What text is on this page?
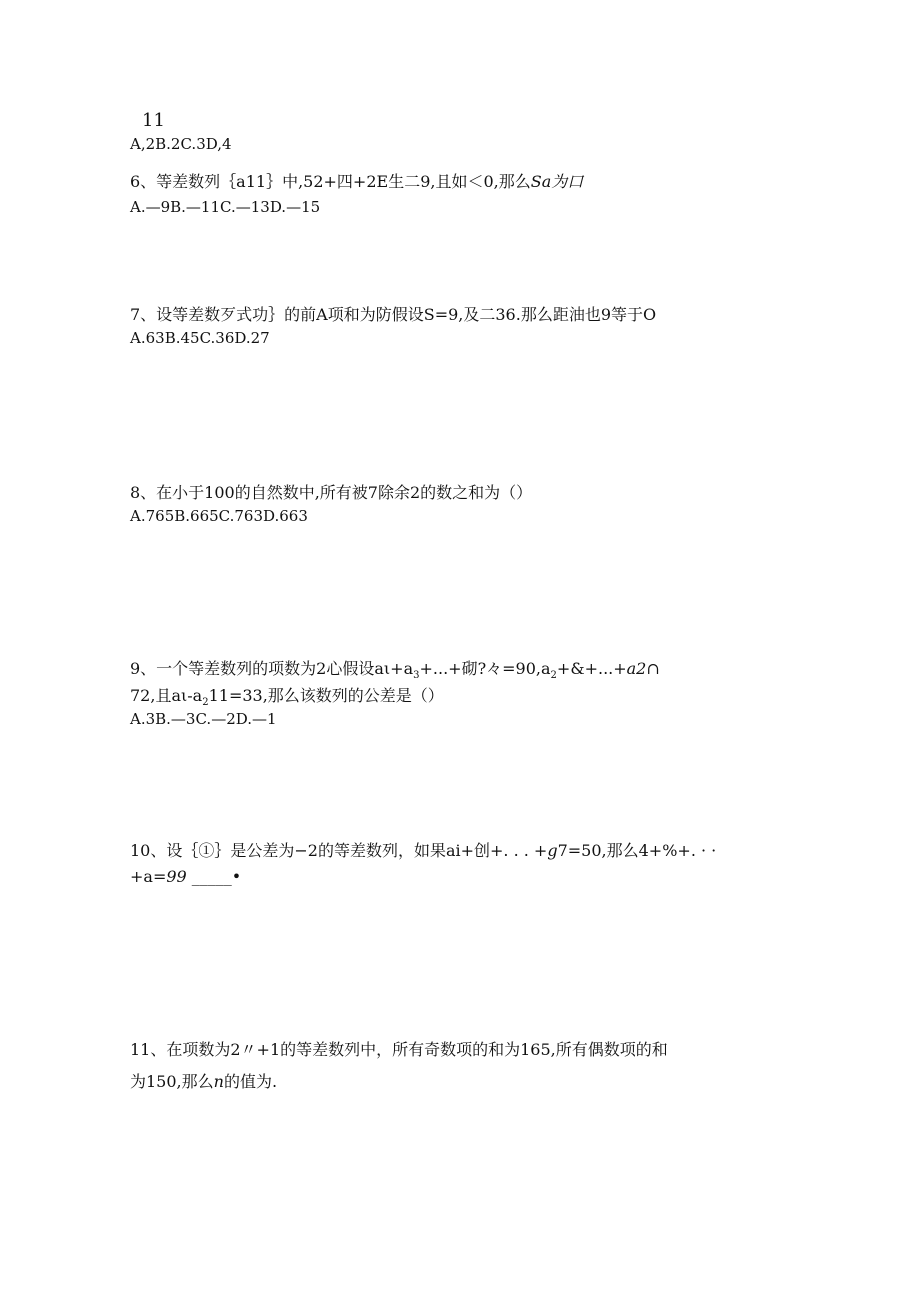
11
A,2B.2C.3D,4
6、等差数列｛a11｝中,52+四+2E生二9,且如＜0,那么Sa为口
A.—9B.—11C.—13D.—15
7、设等差数歹式功｝的前A项和为防假设S=9,及二36.那么距油也9等于O
A.63B.45C.36D.27
8、在小于100的自然数中,所有被7除余2的数之和为（）
A.765B.665C.763D.663
9、一个等差数列的项数为2心假设$a\iota+a_3+...+$砌?々$=90,a_2+\&+...+a2\cap$
72,且$a\iota-a_211=33$,那么该数列的公差是（）
A.3B.—3C.—2D.—1
10、设｛①｝是公差为−2的等差数列，如果ai+创+. . . +g7=50,那么4+%+. · ·
+a=99 _____•
11、在项数为2〃+1的等差数列中，所有奇数项的和为165,所有偶数项的和
为150,那么n的值为.
